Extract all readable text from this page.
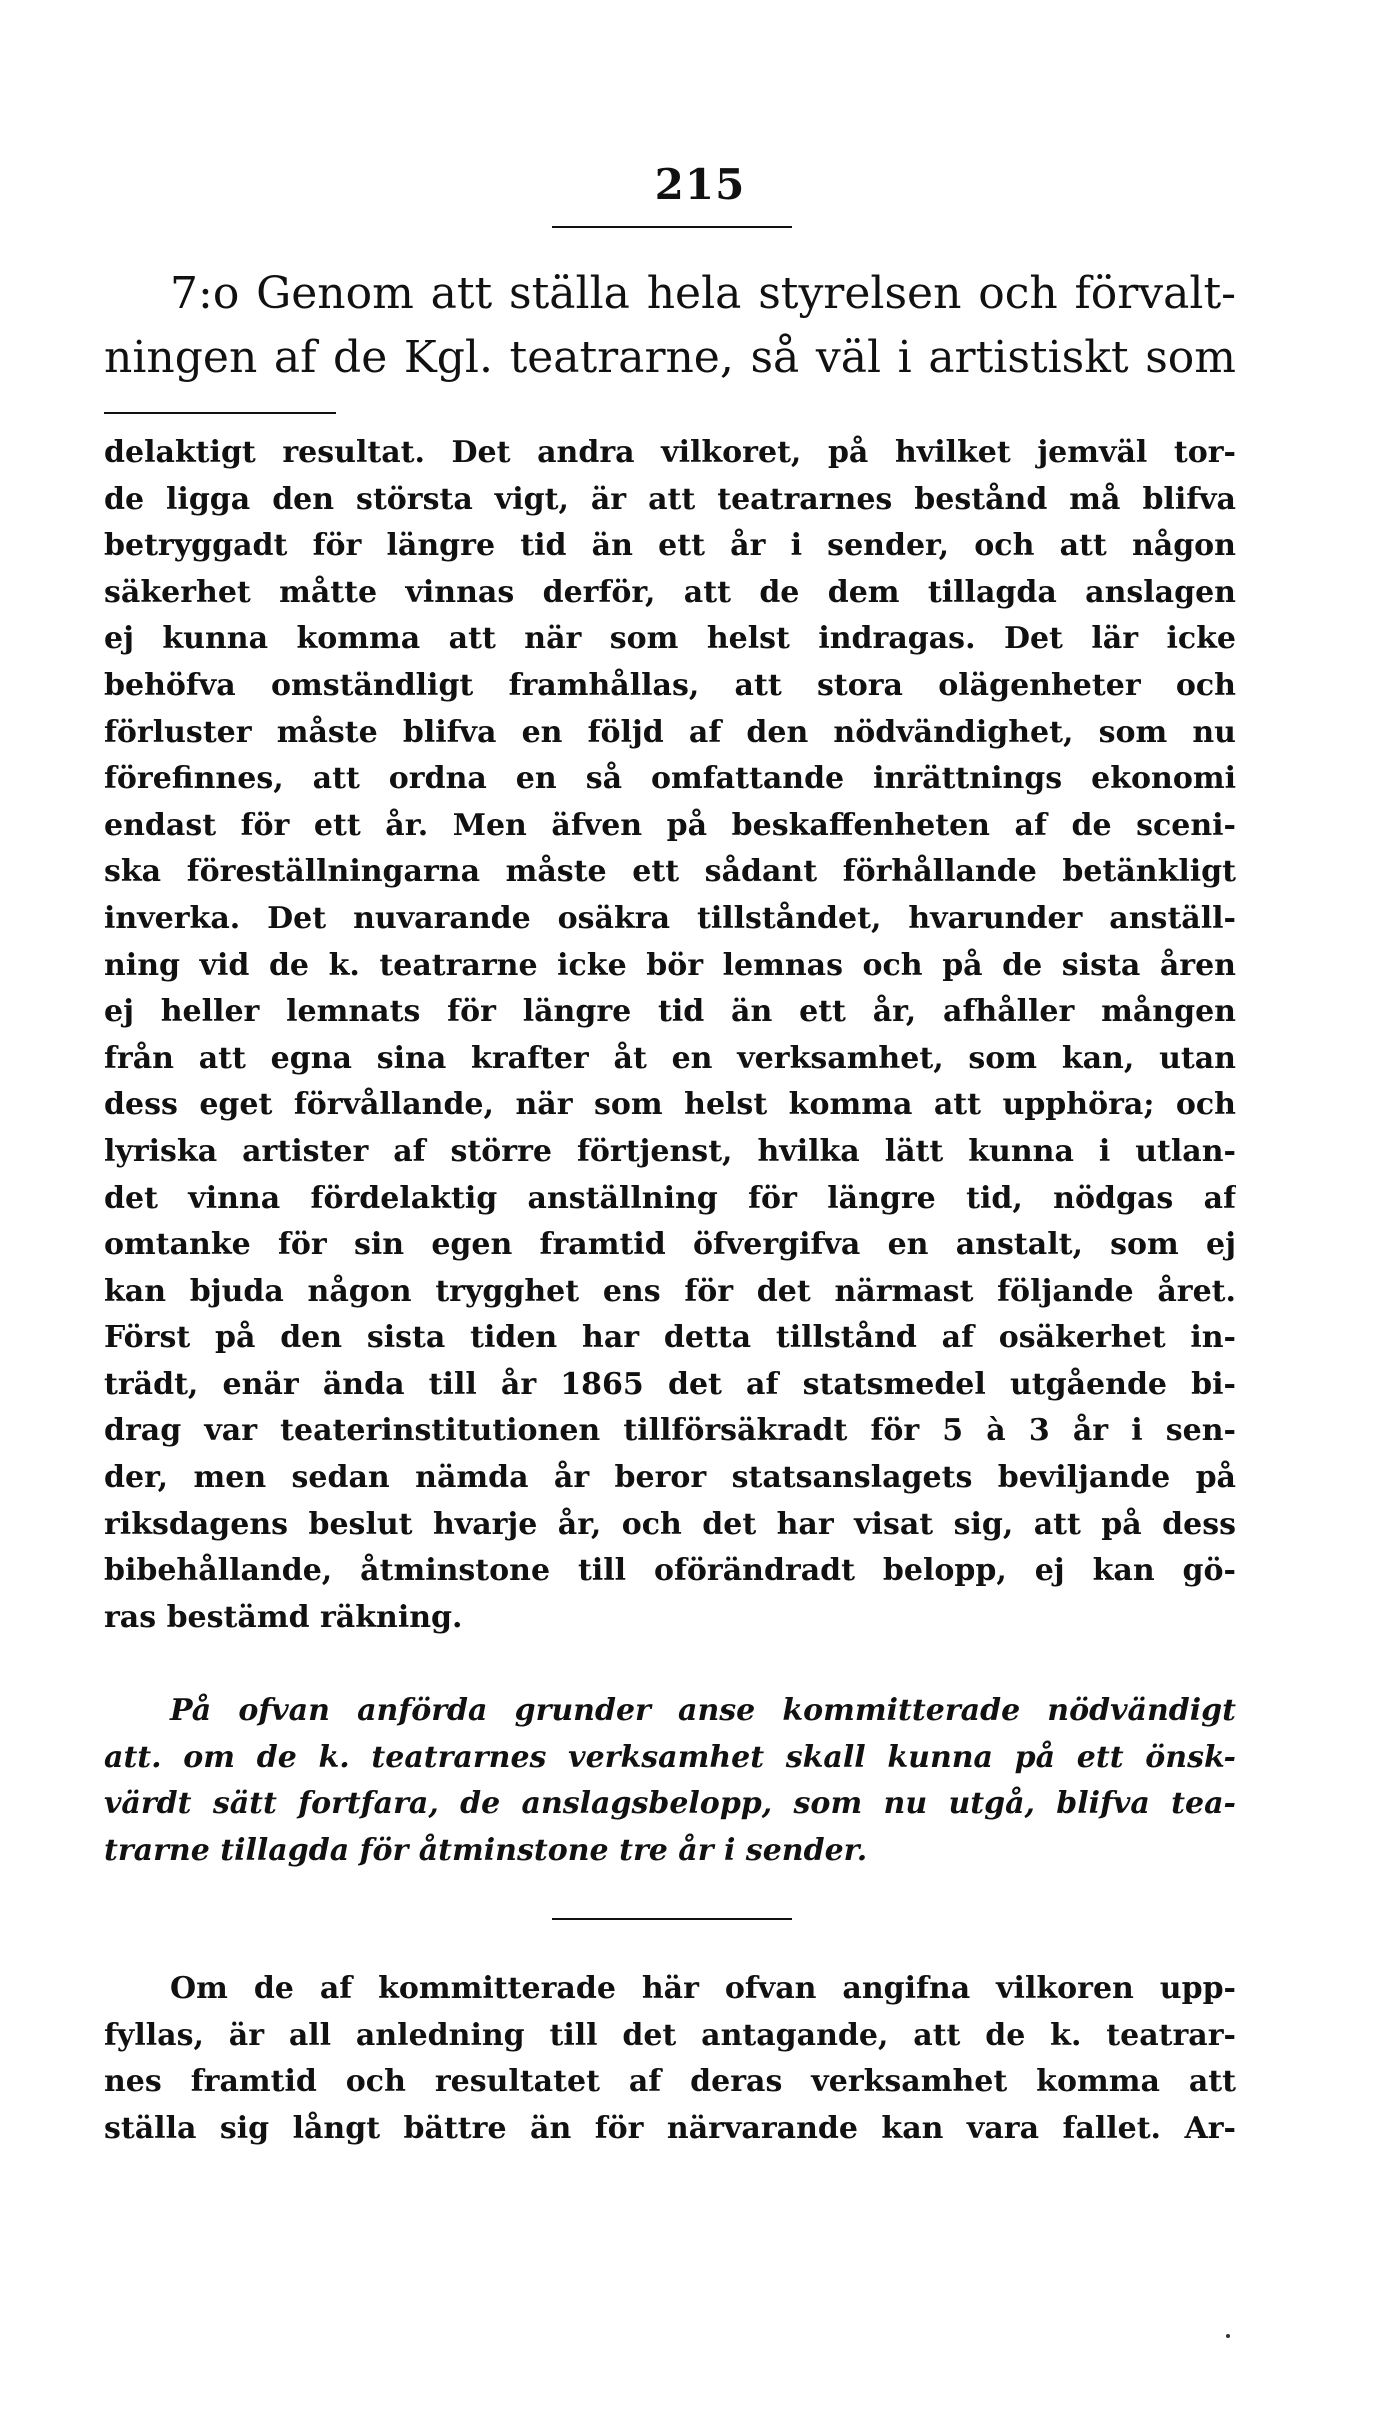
215
7:o Genom att ställa hela styrelsen och förvalt-
ningen af de Kgl. teatrarne, så väl i artistiskt som
delaktigt resultat. Det andra vilkoret, på hvilket jemväl tor-
de ligga den största vigt, är att teatrarnes bestånd må blifva
betryggadt för längre tid än ett år i sender, och att någon
säkerhet måtte vinnas derför, att de dem tillagda anslagen
ej kunna komma att när som helst indragas. Det lär icke
behöfva omständligt framhållas, att stora olägenheter och
förluster måste blifva en följd af den nödvändighet, som nu
förefinnes, att ordna en så omfattande inrättnings ekonomi
endast för ett år. Men äfven på beskaffenheten af de sceni-
ska föreställningarna måste ett sådant förhållande betänkligt
inverka. Det nuvarande osäkra tillståndet, hvarunder anställ-
ning vid de k. teatrarne icke bör lemnas och på de sista åren
ej heller lemnats för längre tid än ett år, afhåller mången
från att egna sina krafter åt en verksamhet, som kan, utan
dess eget förvållande, när som helst komma att upphöra; och
lyriska artister af större förtjenst, hvilka lätt kunna i utlan-
det vinna fördelaktig anställning för längre tid, nödgas af
omtanke för sin egen framtid öfvergifva en anstalt, som ej
kan bjuda någon trygghet ens för det närmast följande året.
Först på den sista tiden har detta tillstånd af osäkerhet in-
trädt, enär ända till år 1865 det af statsmedel utgående bi-
drag var teaterinstitutionen tillförsäkradt för 5 à 3 år i sen-
der, men sedan nämda år beror statsanslagets beviljande på
riksdagens beslut hvarje år, och det har visat sig, att på dess
bibehållande, åtminstone till oförändradt belopp, ej kan gö-
ras bestämd räkning.
På ofvan anförda grunder anse kommitterade nödvändigt
att. om de k. teatrarnes verksamhet skall kunna på ett önsk-
värdt sätt fortfara, de anslagsbelopp, som nu utgå, blifva tea-
trarne tillagda för åtminstone tre år i sender.
Om de af kommitterade här ofvan angifna vilkoren upp-
fyllas, är all anledning till det antagande, att de k. teatrar-
nes framtid och resultatet af deras verksamhet komma att
ställa sig långt bättre än för närvarande kan vara fallet. Ar-
